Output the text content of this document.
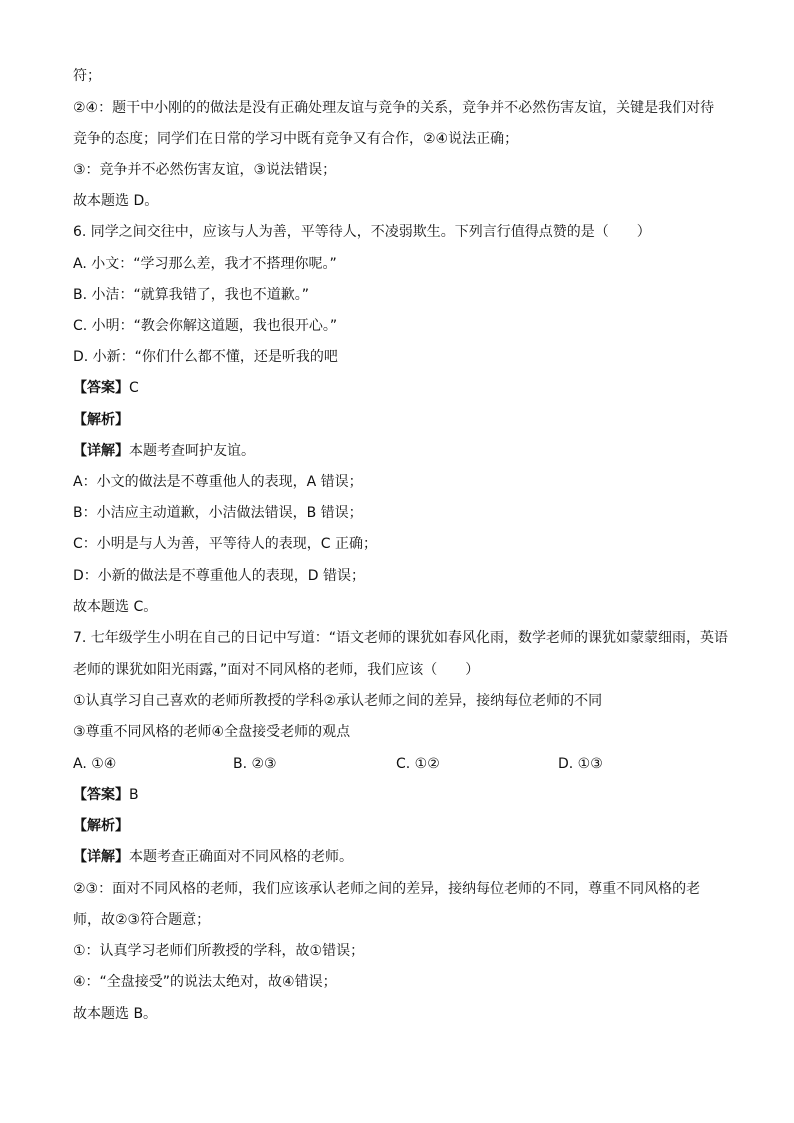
符；
②④：题干中小刚的的做法是没有正确处理友谊与竞争的关系，竞争并不必然伤害友谊，关键是我们对待
竞争的态度；同学们在日常的学习中既有竞争又有合作，②④说法正确；
③：竞争并不必然伤害友谊，③说法错误；
故本题选 D。
6. 同学之间交往中，应该与人为善，平等待人，不凌弱欺生。下列言行值得点赞的是（　　）
A. 小文：“学习那么差，我才不搭理你呢。”
B. 小洁：“就算我错了，我也不道歉。”
C. 小明：“教会你解这道题，我也很开心。”
D. 小新：“你们什么都不懂，还是听我的吧
【答案】C
【解析】
【详解】本题考查呵护友谊。
A：小文的做法是不尊重他人的表现，A 错误；
B：小洁应主动道歉，小洁做法错误，B 错误；
C：小明是与人为善，平等待人的表现，C 正确；
D：小新的做法是不尊重他人的表现，D 错误；
故本题选 C。
7. 七年级学生小明在自己的日记中写道：“语文老师的课犹如春风化雨，数学老师的课犹如蒙蒙细雨，英语
老师的课犹如阳光雨露，”面对不同风格的老师，我们应该（　　）
①认真学习自己喜欢的老师所教授的学科②承认老师之间的差异，接纳每位老师的不同
③尊重不同风格的老师④全盘接受老师的观点
A. ①④	B. ②③	C. ①②	D. ①③
【答案】B
【解析】
【详解】本题考查正确面对不同风格的老师。
②③：面对不同风格的老师，我们应该承认老师之间的差异，接纳每位老师的不同，尊重不同风格的老
师，故②③符合题意；
①：认真学习老师们所教授的学科，故①错误；
④：“全盘接受”的说法太绝对，故④错误；
故本题选 B。
